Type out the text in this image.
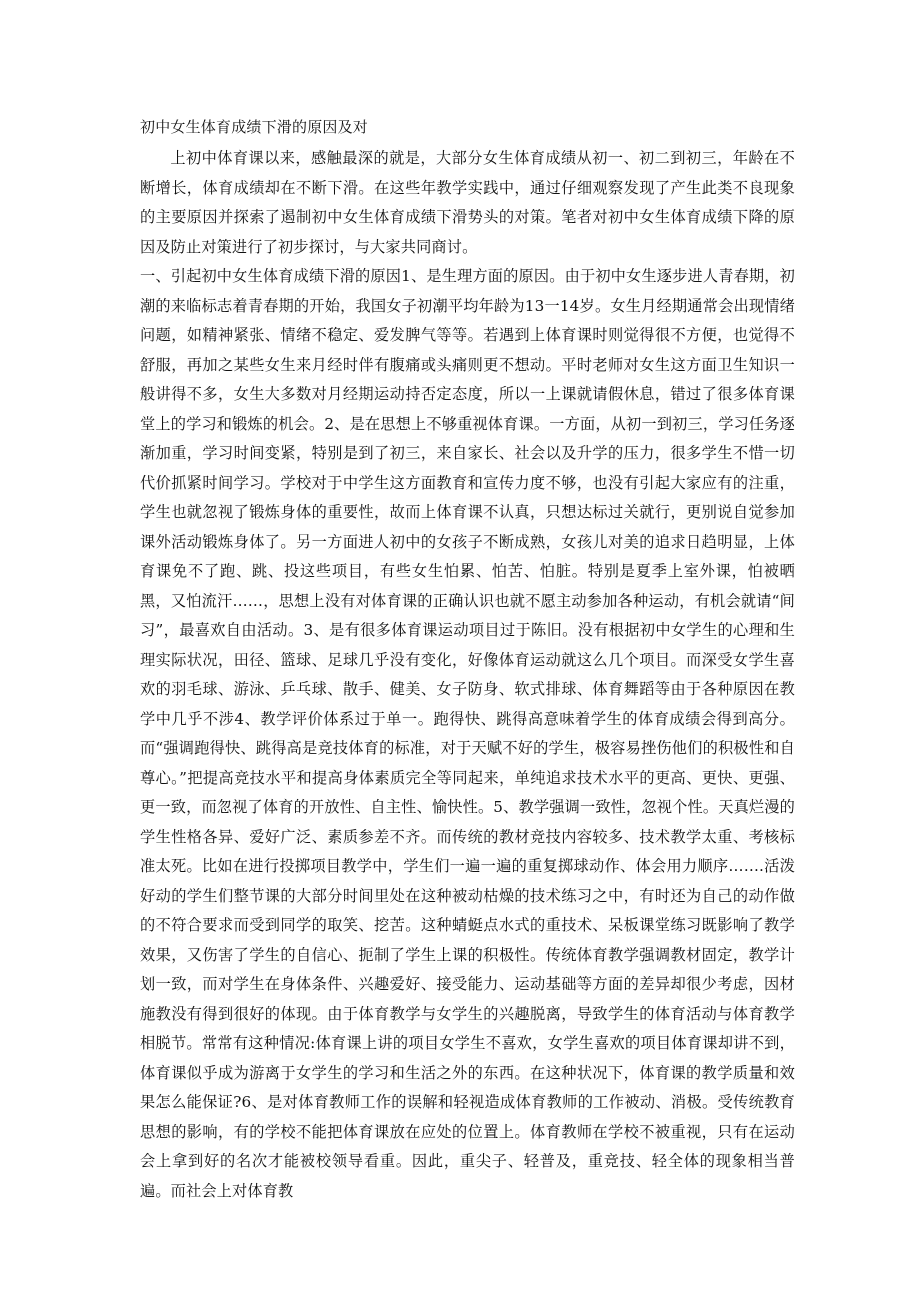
初中女生体育成绩下滑的原因及对

上初中体育课以来，感触最深的就是，大部分女生体育成绩从初一、初二到初三，年龄在不断增长，体育成绩却在不断下滑。在这些年教学实践中，通过仔细观察发现了产生此类不良现象的主要原因并探索了遏制初中女生体育成绩下滑势头的对策。笔者对初中女生体育成绩下降的原因及防止对策进行了初步探讨，与大家共同商讨。

一、引起初中女生体育成绩下滑的原因1、是生理方面的原因。由于初中女生逐步进人青春期，初潮的来临标志着青春期的开始，我国女子初潮平均年龄为13一14岁。女生月经期通常会出现情绪问题，如精神紧张、情绪不稳定、爱发脾气等等。若遇到上体育课时则觉得很不方便，也觉得不舒服，再加之某些女生来月经时伴有腹痛或头痛则更不想动。平时老师对女生这方面卫生知识一般讲得不多，女生大多数对月经期运动持否定态度，所以一上课就请假休息，错过了很多体育课堂上的学习和锻炼的机会。2、是在思想上不够重视体育课。一方面，从初一到初三，学习任务逐渐加重，学习时间变紧，特别是到了初三，来自家长、社会以及升学的压力，很多学生不惜一切代价抓紧时间学习。学校对于中学生这方面教育和宣传力度不够，也没有引起大家应有的注重，学生也就忽视了锻炼身体的重要性，故而上体育课不认真，只想达标过关就行，更别说自觉参加课外活动锻炼身体了。另一方面进人初中的女孩子不断成熟，女孩儿对美的追求日趋明显，上体育课免不了跑、跳、投这些项目，有些女生怕累、怕苦、怕脏。特别是夏季上室外课，怕被晒黑，又怕流汗……，思想上没有对体育课的正确认识也就不愿主动参加各种运动，有机会就请“间习”，最喜欢自由活动。3、是有很多体育课运动项目过于陈旧。没有根据初中女学生的心理和生理实际状况，田径、篮球、足球几乎没有变化，好像体育运动就这么几个项目。而深受女学生喜欢的羽毛球、游泳、乒乓球、散手、健美、女子防身、软式排球、体育舞蹈等由于各种原因在教学中几乎不涉4、教学评价体系过于单一。跑得快、跳得高意味着学生的体育成绩会得到高分。而“强调跑得快、跳得高是竞技体育的标准，对于天赋不好的学生，极容易挫伤他们的积极性和自尊心。”把提高竞技水平和提高身体素质完全等同起来，单纯追求技术水平的更高、更快、更强、更一致，而忽视了体育的开放性、自主性、愉快性。5、教学强调一致性，忽视个性。天真烂漫的学生性格各异、爱好广泛、素质参差不齐。而传统的教材竞技内容较多、技术教学太重、考核标准太死。比如在进行投掷项目教学中，学生们一遍一遍的重复掷球动作、体会用力顺序…….活泼好动的学生们整节课的大部分时间里处在这种被动枯燥的技术练习之中，有时还为自己的动作做的不符合要求而受到同学的取笑、挖苦。这种蜻蜓点水式的重技术、呆板课堂练习既影响了教学效果，又伤害了学生的自信心、扼制了学生上课的积极性。传统体育教学强调教材固定，教学计划一致，而对学生在身体条件、兴趣爱好、接受能力、运动基础等方面的差异却很少考虑，因材施教没有得到很好的体现。由于体育教学与女学生的兴趣脱离，导致学生的体育活动与体育教学相脱节。常常有这种情况:体育课上讲的项目女学生不喜欢，女学生喜欢的项目体育课却讲不到，体育课似乎成为游离于女学生的学习和生活之外的东西。在这种状况下，体育课的教学质量和效果怎么能保证?6、是对体育教师工作的误解和轻视造成体育教师的工作被动、消极。受传统教育思想的影响，有的学校不能把体育课放在应处的位置上。体育教师在学校不被重视，只有在运动会上拿到好的名次才能被校领导看重。因此，重尖子、轻普及，重竞技、轻全体的现象相当普遍。而社会上对体育教
